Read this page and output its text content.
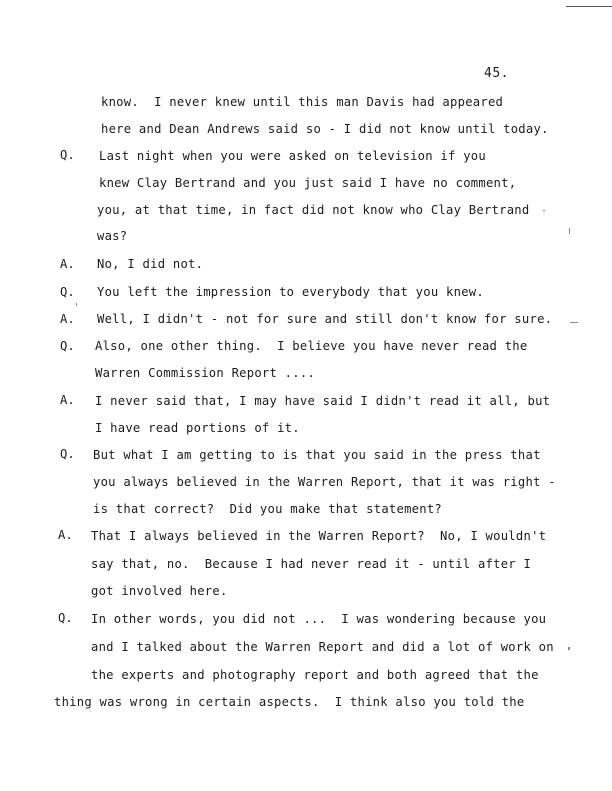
45.
Q.
A.
Q.
A.
Q.
A.
Q.
A.
Q.
know.  I never knew until this man Davis had appeared
here and Dean Andrews said so - I did not know until today.
Last night when you were asked on television if you
knew Clay Bertrand and you just said I have no comment,
you, at that time, in fact did not know who Clay Bertrand
was?
No, I did not.
You left the impression to everybody that you knew.
Well, I didn't - not for sure and still don't know for sure.
Also, one other thing.  I believe you have never read the
Warren Commission Report ....
I never said that, I may have said I didn't read it all, but
I have read portions of it.
But what I am getting to is that you said in the press that
you always believed in the Warren Report, that it was right -
is that correct?  Did you make that statement?
That I always believed in the Warren Report?  No, I wouldn't
say that, no.  Because I had never read it - until after I
got involved here.
In other words, you did not ...  I was wondering because you
and I talked about the Warren Report and did a lot of work on
the experts and photography report and both agreed that the
thing was wrong in certain aspects.  I think also you told the
